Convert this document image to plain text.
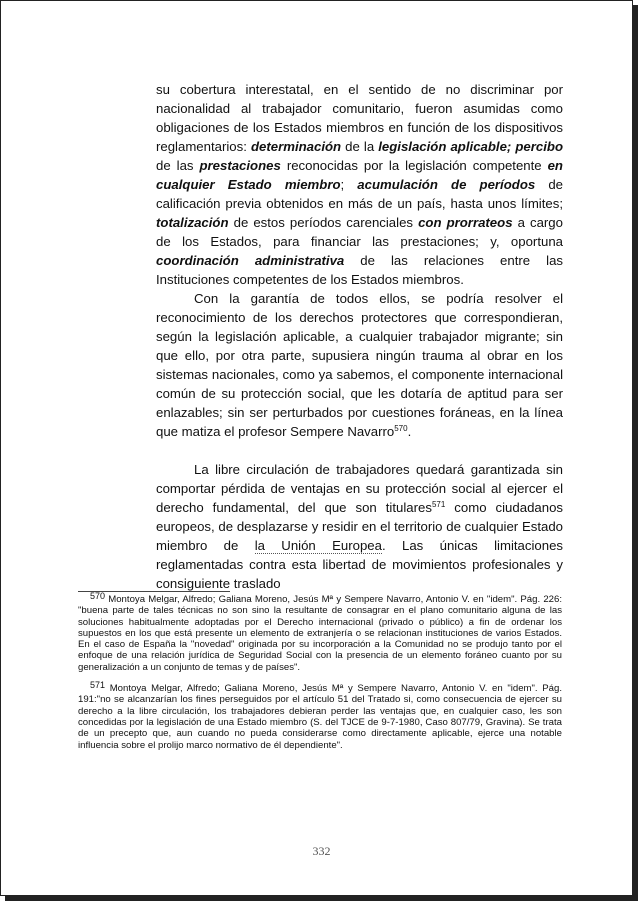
su cobertura interestatal, en el sentido de no discriminar por nacionalidad al trabajador comunitario, fueron asumidas como obligaciones de los Estados miembros en función de los dispositivos reglamentarios: determinación de la legislación aplicable; percibo de las prestaciones reconocidas por la legislación competente en cualquier Estado miembro; acumulación de períodos de calificación previa obtenidos en más de un país, hasta unos límites; totalización de estos períodos carenciales con prorrateos a cargo de los Estados, para financiar las prestaciones; y, oportuna coordinación administrativa de las relaciones entre las Instituciones competentes de los Estados miembros.

Con la garantía de todos ellos, se podría resolver el reconocimiento de los derechos protectores que correspondieran, según la legislación aplicable, a cualquier trabajador migrante; sin que ello, por otra parte, supusiera ningún trauma al obrar en los sistemas nacionales, como ya sabemos, el componente internacional común de su protección social, que les dotaría de aptitud para ser enlazables; sin ser perturbados por cuestiones foráneas, en la línea que matiza el profesor Sempere Navarro$^{570}$.

La libre circulación de trabajadores quedará garantizada sin comportar pérdida de ventajas en su protección social al ejercer el derecho fundamental, del que son titulares$^{571}$ como ciudadanos europeos, de desplazarse y residir en el territorio de cualquier Estado miembro de la Unión Europea. Las únicas limitaciones reglamentadas contra esta libertad de movimientos profesionales y consiguiente traslado

570 Montoya Melgar, Alfredo; Galiana Moreno, Jesús Mª y Sempere Navarro, Antonio V. en "idem". Pág. 226: "buena parte de tales técnicas no son sino la resultante de consagrar en el plano comunitario alguna de las soluciones habitualmente adoptadas por el Derecho internacional (privado o público) a fin de ordenar los supuestos en los que está presente un elemento de extranjería o se relacionan instituciones de varios Estados. En el caso de España la "novedad" originada por su incorporación a la Comunidad no se produjo tanto por el enfoque de una relación jurídica de Seguridad Social con la presencia de un elemento foráneo cuanto por su generalización a un conjunto de temas y de países".

571 Montoya Melgar, Alfredo; Galiana Moreno, Jesús Mª y Sempere Navarro, Antonio V. en "idem". Pág. 191:"no se alcanzarían los fines perseguidos por el artículo 51 del Tratado si, como consecuencia de ejercer su derecho a la libre circulación, los trabajadores debieran perder las ventajas que, en cualquier caso, les son concedidas por la legislación de una Estado miembro (S. del TJCE de 9-7-1980, Caso 807/79, Gravina). Se trata de un precepto que, aun cuando no pueda considerarse como directamente aplicable, ejerce una notable influencia sobre el prolijo marco normativo de él dependiente".

332
